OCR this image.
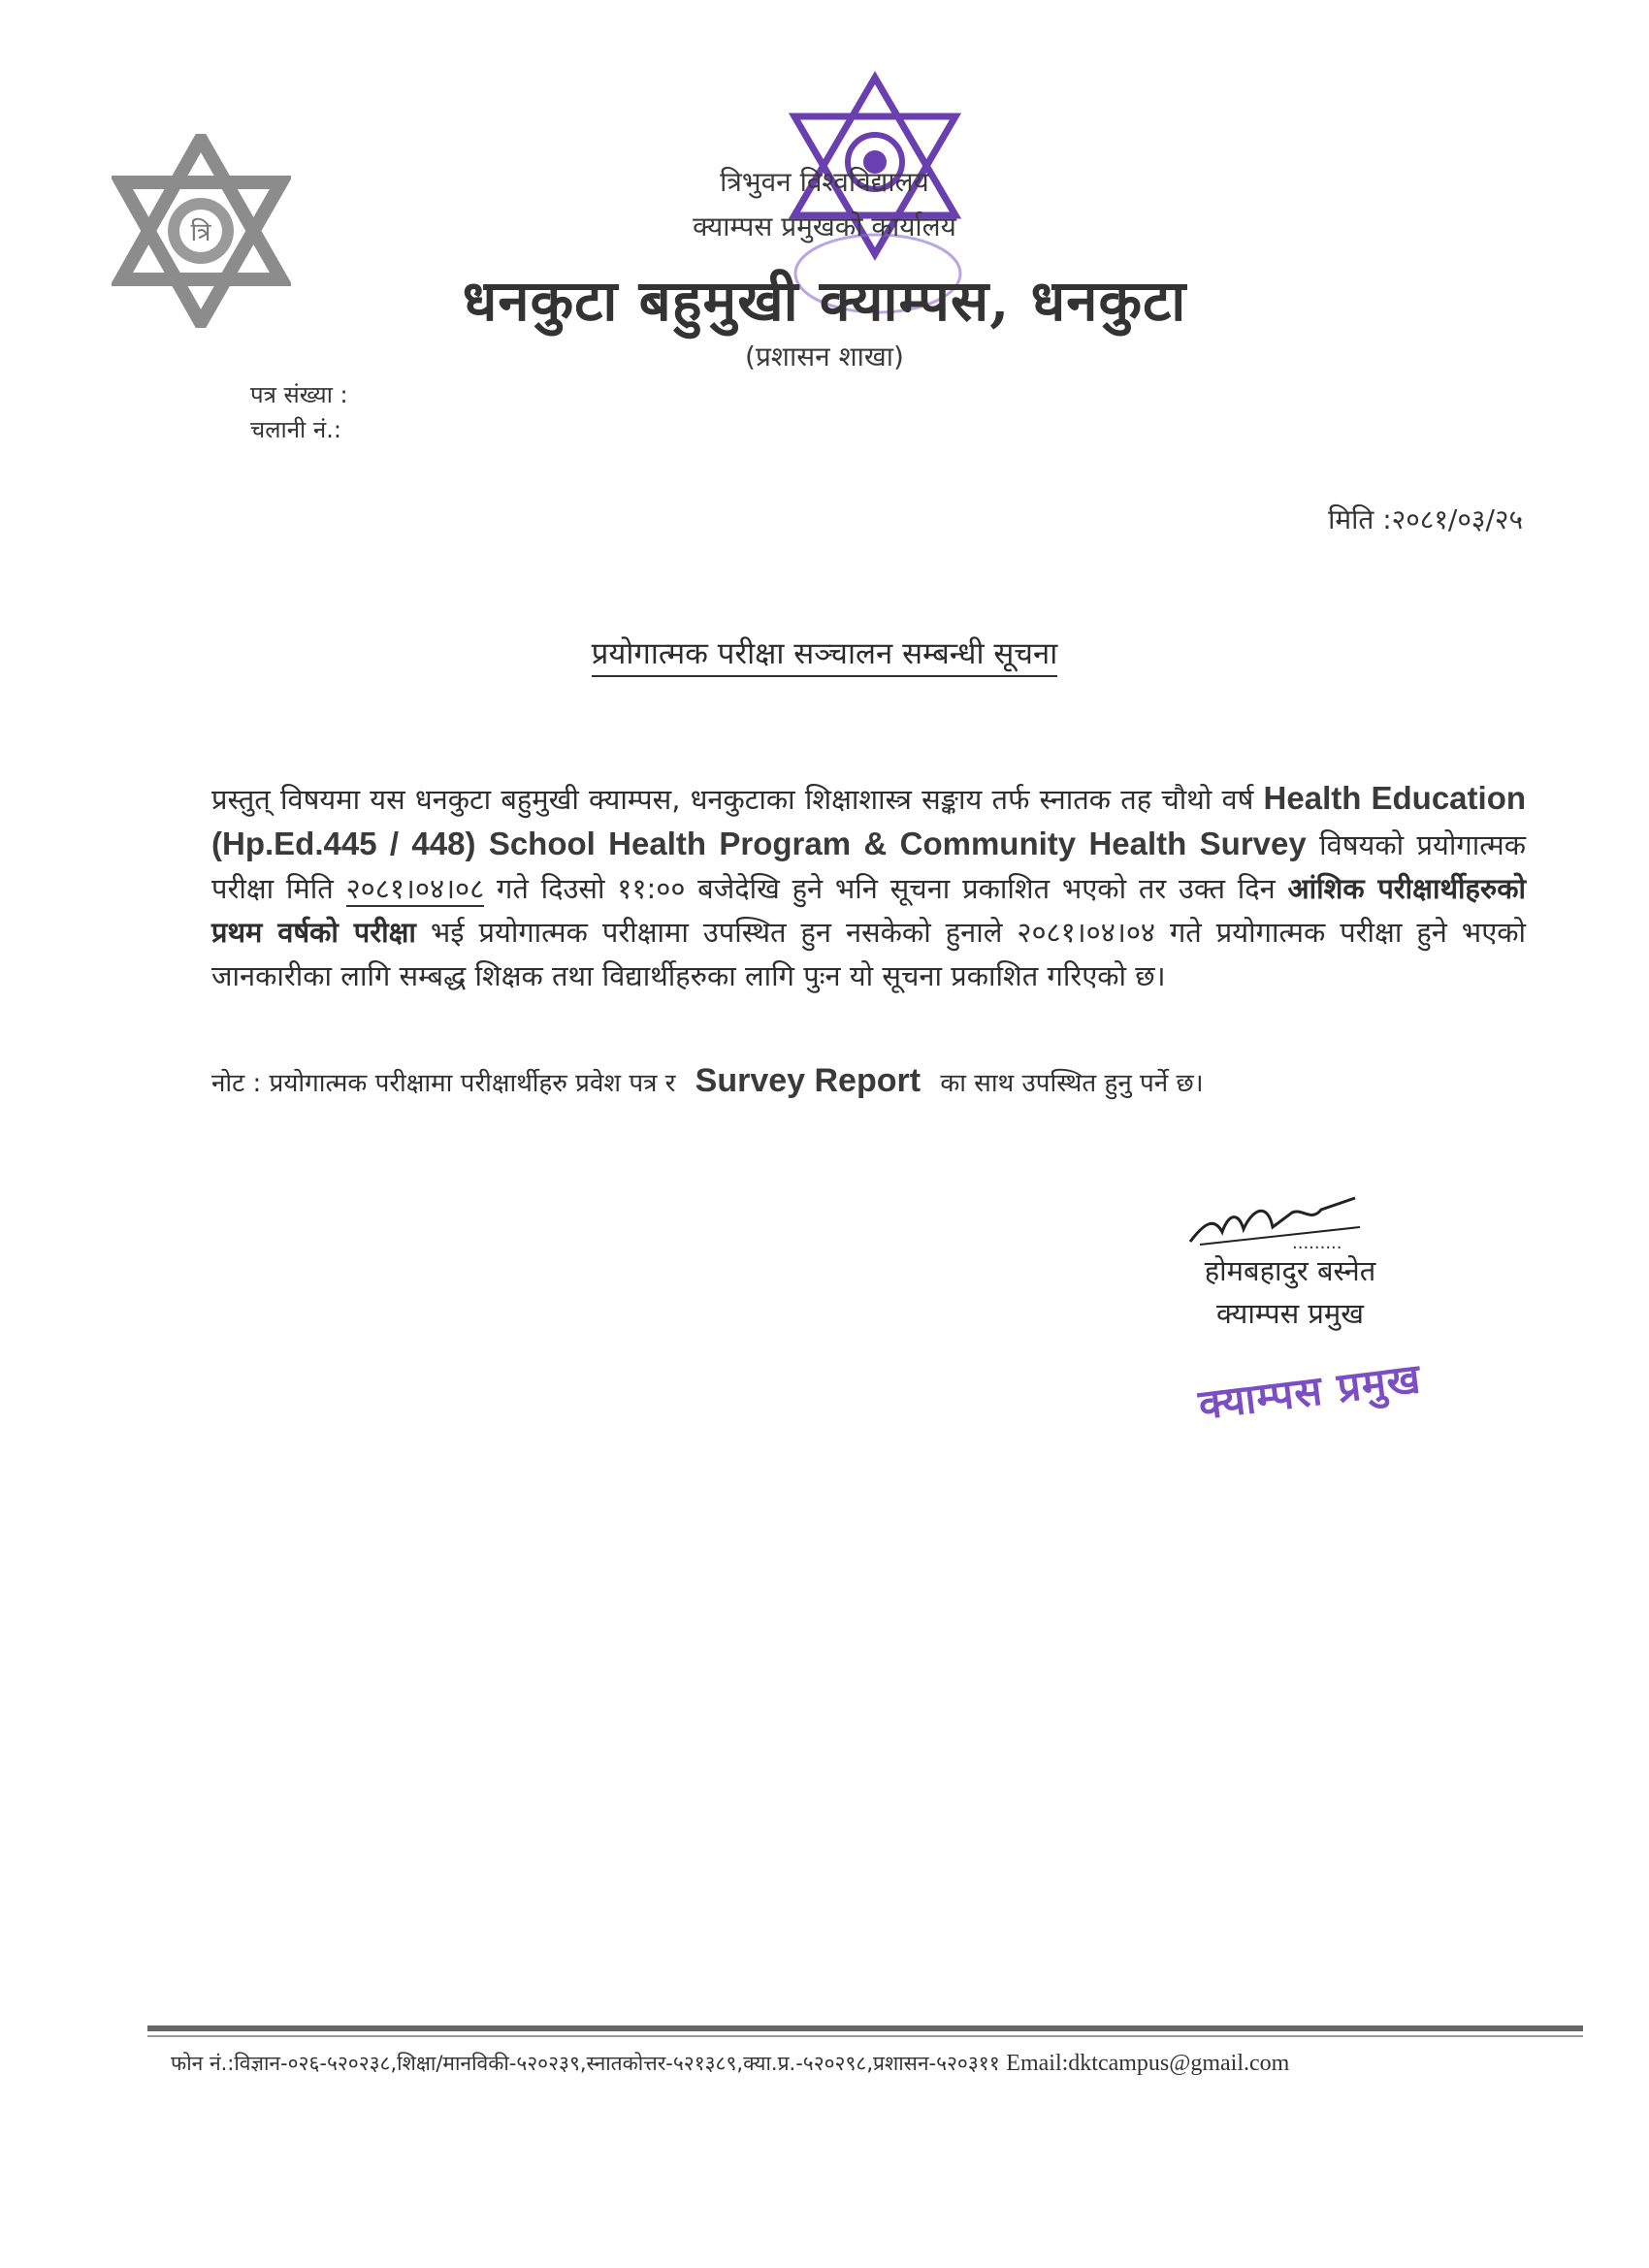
त्रि
त्रिभुवन विश्वविद्यालय
क्याम्पस प्रमुखको कार्यालय
धनकुटा बहुमुखी क्याम्पस, धनकुटा
(प्रशासन शाखा)
पत्र संख्या :
चलानी नं.:
मिति :२०८१/०३/२५
प्रयोगात्मक परीक्षा सञ्चालन सम्बन्धी सूचना
प्रस्तुत् विषयमा यस धनकुटा बहुमुखी क्याम्पस, धनकुटाका शिक्षाशास्त्र सङ्काय तर्फ स्नातक तह चौथो वर्ष Health Education (Hp.Ed.445 / 448) School Health Program & Community Health Survey विषयको प्रयोगात्मक परीक्षा मिति २०८१।०४।०८ गते दिउसो ११:०० बजेदेखि हुने भनि सूचना प्रकाशित भएको तर उक्त दिन आंशिक परीक्षार्थीहरुको प्रथम वर्षको परीक्षा भई प्रयोगात्मक परीक्षामा उपस्थित हुन नसकेको हुनाले २०८१।०४।०४ गते प्रयोगात्मक परीक्षा हुने भएको जानकारीका लागि सम्बद्ध शिक्षक तथा विद्यार्थीहरुका लागि पुःन यो सूचना प्रकाशित गरिएको छ।
नोट : प्रयोगात्मक परीक्षामा परीक्षार्थीहरु प्रवेश पत्र र Survey Report का साथ उपस्थित हुनु पर्ने छ।
.........
होमबहादुर बस्नेत
क्याम्पस प्रमुख
क्याम्पस प्रमुख
फोन नं.:विज्ञान-०२६-५२०२३८,शिक्षा/मानविकी-५२०२३९,स्नातकोत्तर-५२१३८९,क्या.प्र.-५२०२९८,प्रशासन-५२०३११ Email:dktcampus@gmail.com
